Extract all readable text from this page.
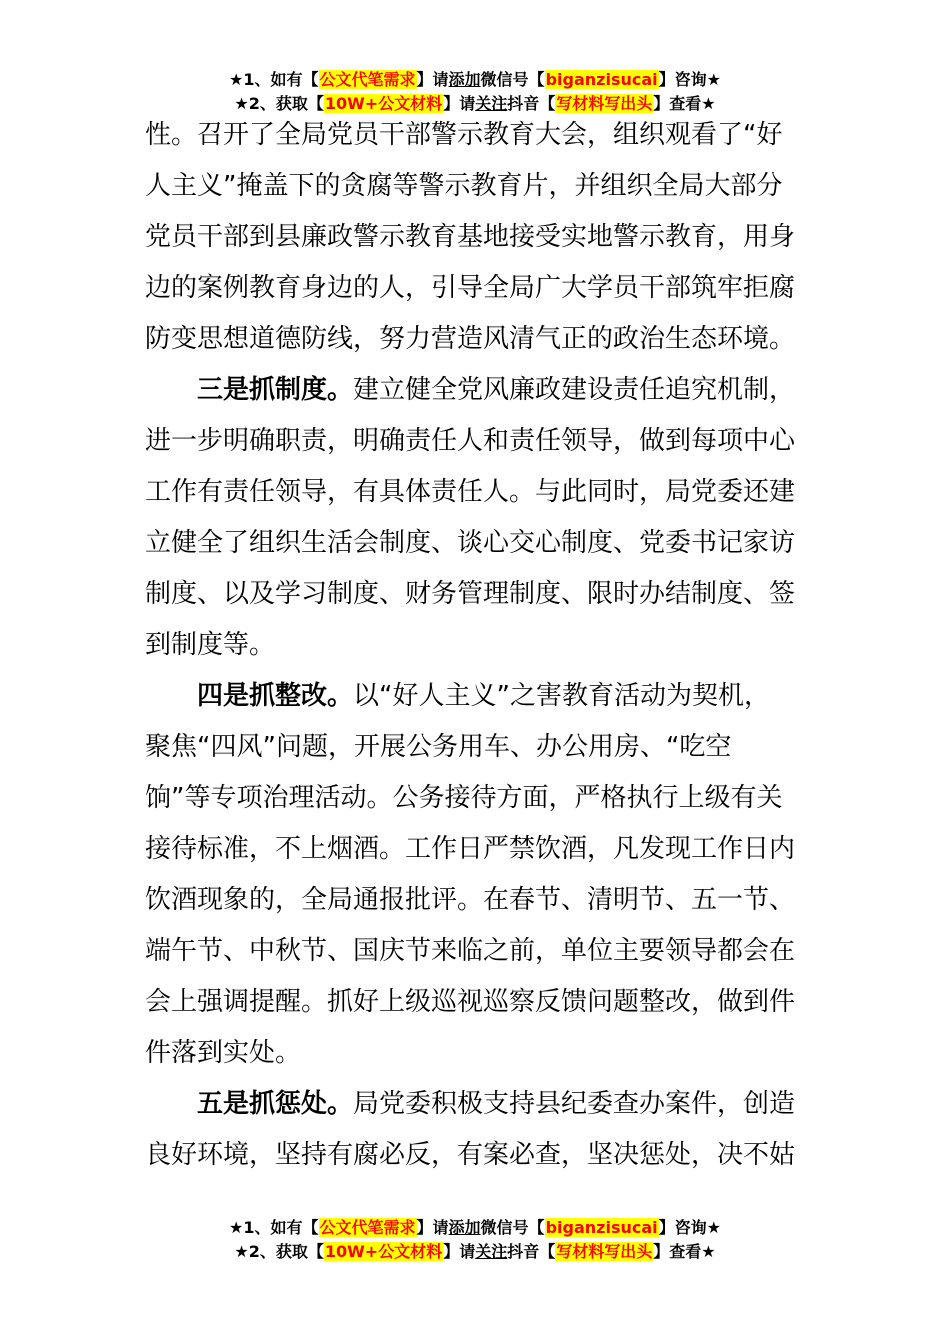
★1、如有【公文代笔需求】请添加微信号【biganzisucai】咨询★
★2、获取【10W+公文材料】请关注抖音【写材料写出头】查看★
性。召开了全局党员干部警示教育大会，组织观看了“好
人主义”掩盖下的贪腐等警示教育片，并组织全局大部分
党员干部到县廉政警示教育基地接受实地警示教育，用身
边的案例教育身边的人，引导全局广大学员干部筑牢拒腐
防变思想道德防线，努力营造风清气正的政治生态环境。
三是抓制度。建立健全党风廉政建设责任追究机制，
进一步明确职责，明确责任人和责任领导，做到每项中心
工作有责任领导，有具体责任人。与此同时，局党委还建
立健全了组织生活会制度、谈心交心制度、党委书记家访
制度、以及学习制度、财务管理制度、限时办结制度、签
到制度等。
四是抓整改。以“好人主义”之害教育活动为契机，
聚焦“四风”问题，开展公务用车、办公用房、“吃空
饷”等专项治理活动。公务接待方面，严格执行上级有关
接待标准，不上烟酒。工作日严禁饮酒，凡发现工作日内
饮酒现象的，全局通报批评。在春节、清明节、五一节、
端午节、中秋节、国庆节来临之前，单位主要领导都会在
会上强调提醒。抓好上级巡视巡察反馈问题整改，做到件
件落到实处。
五是抓惩处。局党委积极支持县纪委查办案件，创造
良好环境，坚持有腐必反，有案必查，坚决惩处，决不姑
★1、如有【公文代笔需求】请添加微信号【biganzisucai】咨询★
★2、获取【10W+公文材料】请关注抖音【写材料写出头】查看★
